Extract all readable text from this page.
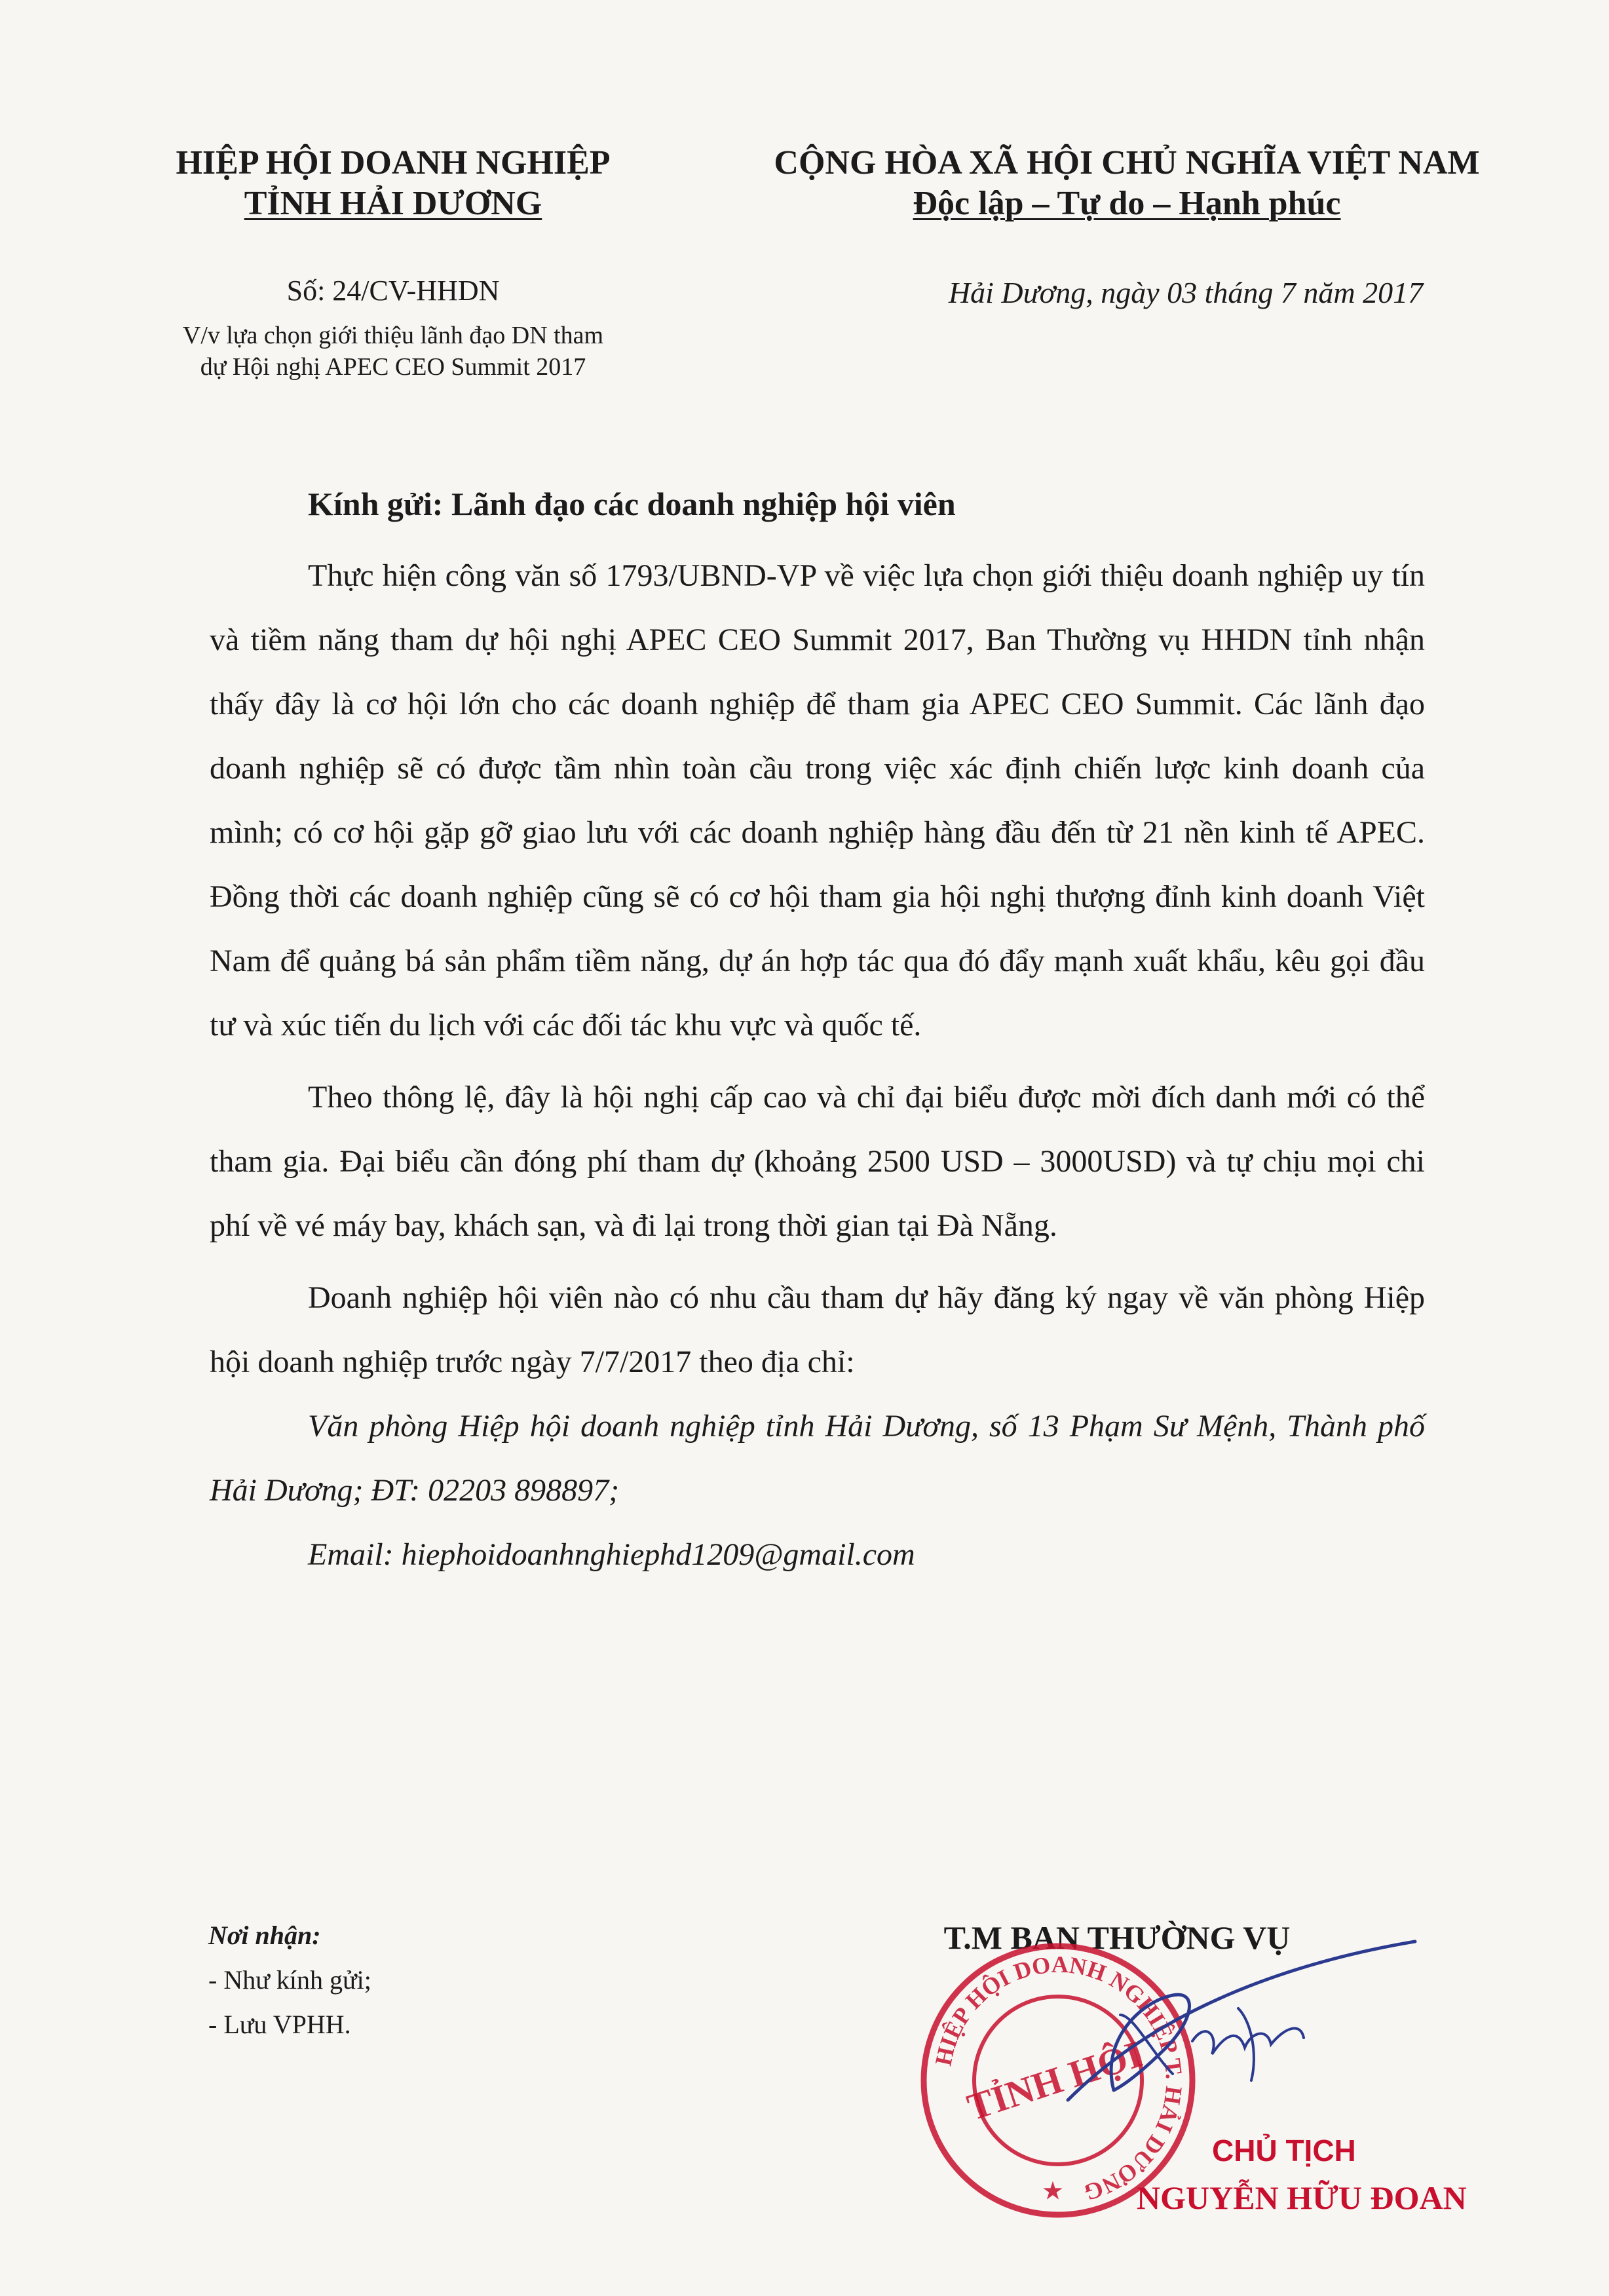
HIỆP HỘI DOANH NGHIỆP
TỈNH HẢI DƯƠNG
CỘNG HÒA XÃ HỘI CHỦ NGHĨA VIỆT NAM
Độc lập – Tự do – Hạnh phúc
Số: 24/CV-HHDN
V/v lựa chọn giới thiệu lãnh đạo DN tham
dự Hội nghị APEC CEO Summit 2017
Hải Dương, ngày 03 tháng 7 năm 2017
Kính gửi: Lãnh đạo các doanh nghiệp hội viên
Thực hiện công văn số 1793/UBND-VP về việc lựa chọn giới thiệu doanh nghiệp uy tín và tiềm năng tham dự hội nghị APEC CEO Summit 2017, Ban Thường vụ HHDN tỉnh nhận thấy đây là cơ hội lớn cho các doanh nghiệp để tham gia APEC CEO Summit. Các lãnh đạo doanh nghiệp sẽ có được tầm nhìn toàn cầu trong việc xác định chiến lược kinh doanh của mình; có cơ hội gặp gỡ giao lưu với các doanh nghiệp hàng đầu đến từ 21 nền kinh tế APEC. Đồng thời các doanh nghiệp cũng sẽ có cơ hội tham gia hội nghị thượng đỉnh kinh doanh Việt Nam để quảng bá sản phẩm tiềm năng, dự án hợp tác qua đó đẩy mạnh xuất khẩu, kêu gọi đầu tư và xúc tiến du lịch với các đối tác khu vực và quốc tế.
Theo thông lệ, đây là hội nghị cấp cao và chỉ đại biểu được mời đích danh mới có thể tham gia. Đại biểu cần đóng phí tham dự (khoảng 2500 USD – 3000USD) và tự chịu mọi chi phí về vé máy bay, khách sạn, và đi lại trong thời gian tại Đà Nẵng.
Doanh nghiệp hội viên nào có nhu cầu tham dự hãy đăng ký ngay về văn phòng Hiệp hội doanh nghiệp trước ngày 7/7/2017 theo địa chỉ:
Văn phòng Hiệp hội doanh nghiệp tỉnh Hải Dương, số 13 Phạm Sư Mệnh, Thành phố Hải Dương; ĐT: 02203 898897;
Email: hiephoidoanhnghiephd1209@gmail.com
Nơi nhận:
- Như kính gửi;
- Lưu VPHH.
T.M BAN THƯỜNG VỤ
HIỆP HỘI DOANH NGHIỆP T. HẢI DƯƠNG
TỈNH HỘI
★
CHỦ TỊCH
NGUYỄN HỮU ĐOAN
